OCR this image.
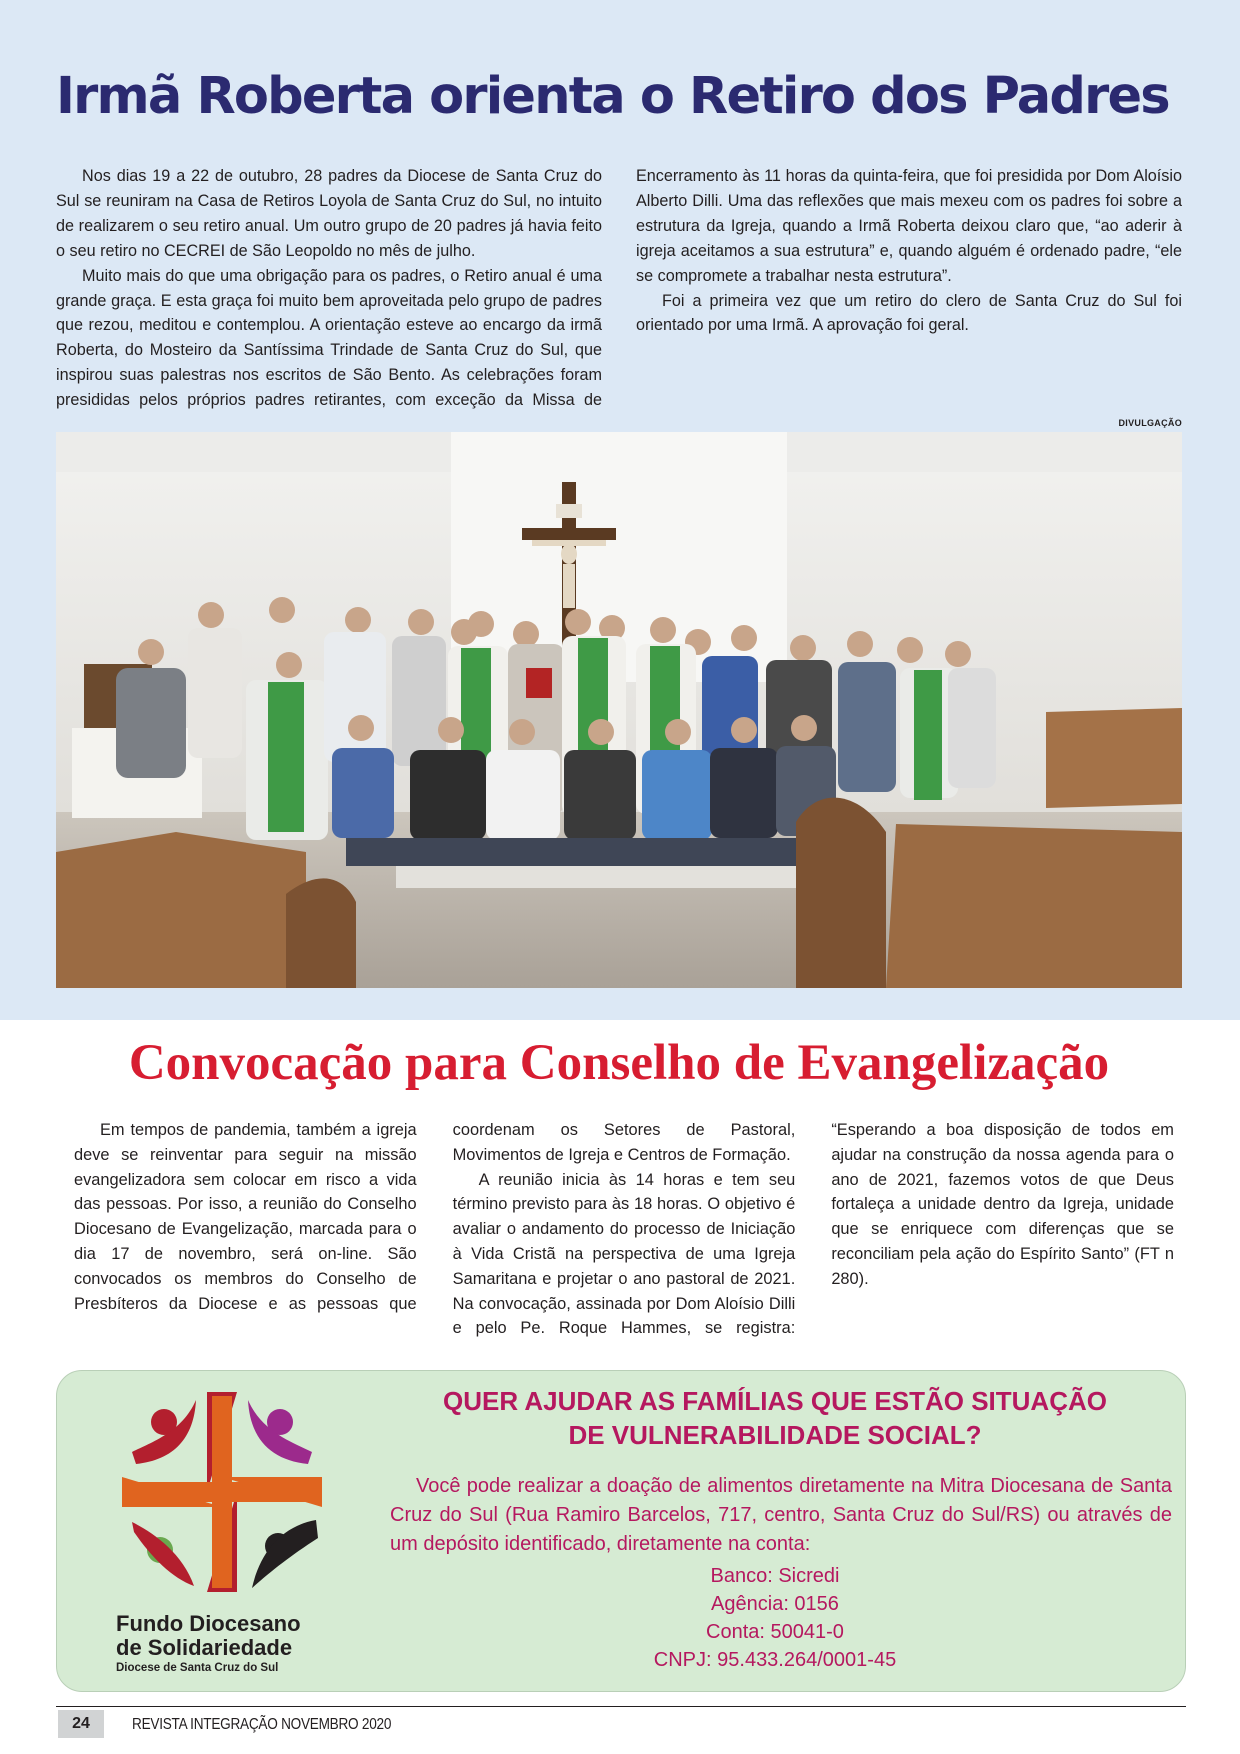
Irmã Roberta orienta o Retiro dos Padres

Nos dias 19 a 22 de outubro, 28 padres da Diocese de Santa Cruz do Sul se reuniram na Casa de Retiros Loyola de Santa Cruz do Sul, no intuito de realizarem o seu retiro anual. Um outro grupo de 20 padres já havia feito o seu retiro no CECREI de São Leopoldo no mês de julho.

Muito mais do que uma obrigação para os padres, o Retiro anual é uma grande graça. E esta graça foi muito bem aproveitada pelo grupo de padres que rezou, meditou e contemplou. A orientação esteve ao encargo da irmã Roberta, do Mosteiro da Santíssima Trindade de Santa Cruz do Sul, que inspirou suas palestras nos escritos de São Bento. As celebrações foram presididas pelos próprios padres retirantes, com exceção da Missa de Encerramento às 11 horas da quinta-feira, que foi presidida por Dom Aloísio Alberto Dilli. Uma das reflexões que mais mexeu com os padres foi sobre a estrutura da Igreja, quando a Irmã Roberta deixou claro que, “ao aderir à igreja aceitamos a sua estrutura” e, quando alguém é ordenado padre, “ele se compromete a trabalhar nesta estrutura”.

Foi a primeira vez que um retiro do clero de Santa Cruz do Sul foi orientado por uma Irmã. A aprovação foi geral.

DIVULGAÇÃO
Convocação para Conselho de Evangelização

Em tempos de pandemia, também a igreja deve se reinventar para seguir na missão evangelizadora sem colocar em risco a vida das pessoas. Por isso, a reunião do Conselho Diocesano de Evangelização, marcada para o dia 17 de novembro, será on-line. São convocados os membros do Conselho de Presbíteros da Diocese e as pessoas que coordenam os Setores de Pastoral, Movimentos de Igreja e Centros de Formação.

A reunião inicia às 14 horas e tem seu término previsto para às 18 horas. O objetivo é avaliar o andamento do processo de Iniciação à Vida Cristã na perspectiva de uma Igreja Samaritana e projetar o ano pastoral de 2021. Na convocação, assinada por Dom Aloísio Dilli e pelo Pe. Roque Hammes, se registra: “Esperando a boa disposição de todos em ajudar na construção da nossa agenda para o ano de 2021, fazemos votos de que Deus fortaleça a unidade dentro da Igreja, unidade que se enriquece com diferenças que se reconciliam pela ação do Espírito Santo” (FT n 280).

Fundo Diocesano
de Solidariedade
Diocese de Santa Cruz do Sul
QUER AJUDAR AS FAMÍLIAS QUE ESTÃO SITUAÇÃO
DE VULNERABILIDADE SOCIAL?

Você pode realizar a doação de alimentos diretamente na Mitra Diocesana de Santa Cruz do Sul (Rua Ramiro Barcelos, 717, centro, Santa Cruz do Sul/RS) ou através de um depósito identificado, diretamente na conta:

Banco: Sicredi
Agência: 0156
Conta: 50041-0
CNPJ: 95.433.264/0001-45
24	REVISTA INTEGRAÇÃO NOVEMBRO 2020
